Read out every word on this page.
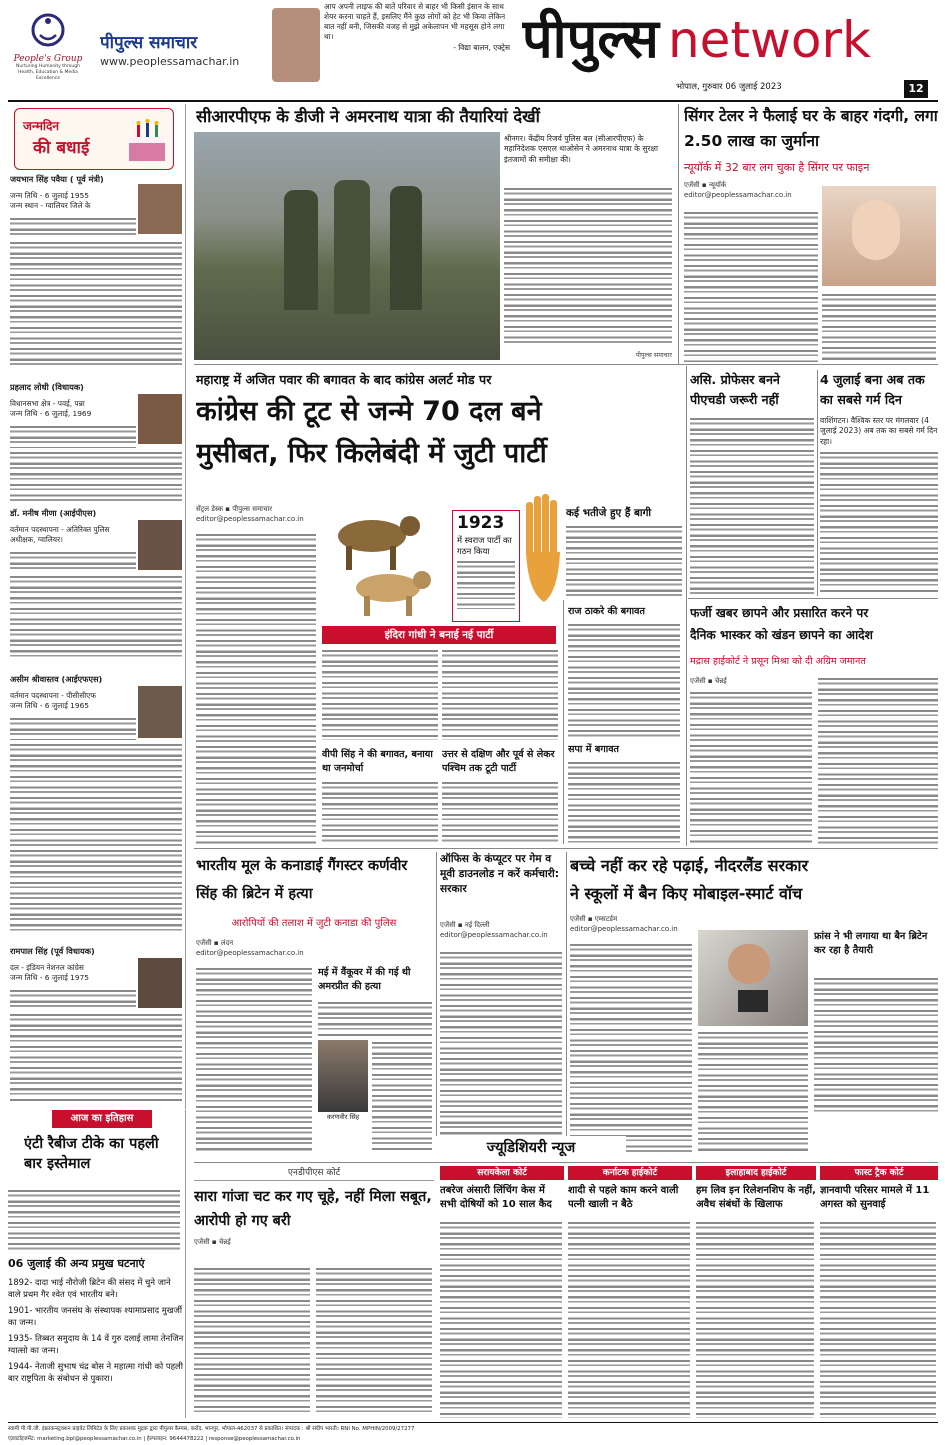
People's Group
Nurturing Humanity through Health, Education & Media Excellence
पीपुल्स समाचार
www.peoplessamachar.in
आप अपनी लाइफ की बातें परिवार से बाहर भी किसी इंसान के साथ शेयर करना चाहते हैं, इसलिए मैंने कुछ लोगों को हेट भी किया लेकिन बात नहीं बनी, जिसकी वजह से मुझे अकेलापन भी महसूस होने लगा था।
- विद्या बालन, एक्ट्रेस पीपुल्स network
भोपाल, गुरुवार 06 जुलाई 2023	12
जन्मदिन
की बधाई
जयभान सिंह पवैया ( पूर्व मंत्री)
जन्म तिथि - 6 जुलाई 1955
जन्म स्थान - ग्वालियर जिले के
प्रहलाद लोधी (विधायक)
विधानसभा क्षेत्र - पवई, पन्ना
जन्म तिथि - 6 जुलाई, 1969
डॉ. मनीष मीणा (आईपीएस)
वर्तमान पदस्थापना - अतिरिक्त पुलिस
अधीक्षक, ग्वालियर।
असीम श्रीवास्तव (आईएफएस)
वर्तमान पदस्थापना - पीसीसीएफ
जन्म तिथि - 6 जुलाई 1965
रामपाल सिंह (पूर्व विधायक)
दल - इंडियन नेशनल कांग्रेस
जन्म तिथि - 6 जुलाई 1975
आज का इतिहास
एंटी रैबीज टीके का पहली बार इस्तेमाल
06 जुलाई की अन्य प्रमुख घटनाएं
1892- दादा भाई नौरोजी ब्रिटेन की संसद में चुने जाने वाले प्रथम गैर श्वेत एवं भारतीय बने।
1901- भारतीय जनसंघ के संस्थापक श्यामाप्रसाद मुखर्जी का जन्म।
1935- तिब्बत समुदाय के 14 वें गुरु दलाई लामा तेनजिन ग्यात्सो का जन्म।
1944- नेताजी सुभाष चंद्र बोस ने महात्मा गांधी को पहली बार राष्ट्रपिता के संबोधन से पुकारा।
सीआरपीएफ के डीजी ने अमरनाथ यात्रा की तैयारियां देखीं
श्रीनगर। केंद्रीय रिजर्व पुलिस बल (सीआरपीएफ) के महानिदेशक एसएल थाओसेन ने अमरनाथ यात्रा के सुरक्षा इंतजामों की समीक्षा की।
पीपुल्स समाचार
सिंगर टेलर ने फैलाई घर के बाहर गंदगी, लगा 2.50 लाख का जुर्माना
न्यूयॉर्क में 32 बार लग चुका है सिंगर पर फाइन
एजेंसी ▪ न्यूयॉर्क
editor@peoplessamachar.co.in
महाराष्ट्र में अजित पवार की बगावत के बाद कांग्रेस अलर्ट मोड पर
कांग्रेस की टूट से जन्मे 70 दल बने
मुसीबत, फिर किलेबंदी में जुटी पार्टी
सेंट्रल डेस्क ▪ पीपुल्स समाचार
editor@peoplessamachar.co.in	1923
में स्वराज पार्टी का गठन किया
कई भतीजे हुए हैं बागी
इंदिरा गांधी ने बनाई नई पार्टी
वीपी सिंह ने की बगावत, बनाया था जनमोर्चा
उत्तर से दक्षिण और पूर्व से लेकर पश्चिम तक टूटी पार्टी
राज ठाकरे की बगावत
सपा में बगावत
असि. प्रोफेसर बनने पीएचडी जरूरी नहीं
4 जुलाई बना अब तक का सबसे गर्म दिन
वाशिंगटन। वैश्विक स्तर पर मंगलवार (4 जुलाई 2023) अब तक का सबसे गर्म दिन रहा।
फर्जी खबर छापने और प्रसारित करने पर
दैनिक भास्कर को खंडन छापने का आदेश
मद्रास हाईकोर्ट ने प्रसून मिश्रा को दी अग्रिम जमानत
एजेंसी ▪ चेन्नई
भारतीय मूल के कनाडाई गैंगस्टर कर्णवीर सिंह की ब्रिटेन में हत्या
आरोपियों की तलाश में जुटी कनाडा की पुलिस
एजेंसी ▪ लंदन
editor@peoplessamachar.co.in
मई में वैंकूवर में की गई थी अमरप्रीत की हत्या
करणवीर सिंह
ऑफिस के कंप्यूटर पर गेम व मूवी डाउनलोड न करें कर्मचारी: सरकार
एजेंसी ▪ नई दिल्ली
editor@peoplessamachar.co.in
बच्चे नहीं कर रहे पढ़ाई, नीदरलैंड सरकार
ने स्कूलों में बैन किए मोबाइल-स्मार्ट वॉच
एजेंसी ▪ एम्सटर्डम
editor@peoplessamachar.co.in
फ्रांस ने भी लगाया था बैन ब्रिटेन कर रहा है तैयारी
ज्यूडिशियरी न्यूज
एनडीपीएस कोर्ट
सारा गांजा चट कर गए चूहे, नहीं मिला सबूत, आरोपी हो गए बरी
एजेंसी ▪ चेन्नई
सरायकेला कोर्ट
तबरेज अंसारी लिंचिंग केस में सभी दोषियों को 10 साल कैद
कर्नाटक हाईकोर्ट
शादी से पहले काम करने वाली पत्नी खाली न बैठे
इलाहाबाद हाईकोर्ट
हम लिव इन रिलेशनशिप के नहीं, अवैध संबंधों के खिलाफ
फास्ट ट्रैक कोर्ट
ज्ञानवापी परिसर मामले में 11 अगस्त को सुनवाई
स्वामी पी.पी.जी. इंफ्राकन्स्ट्रक्शन प्राइवेट लिमिटेड के लिए प्रकाशक मुद्रक द्वारा पीपुल्स कैम्पस, करोंद, भानपुर, भोपाल-462037 से प्रकाशित। संपादक : श्री संदीप भारती। RNI No. MPHIN/2009/27277
एडवर्टाइजमेंट: marketing.bpl@peoplessamachar.co.in | हेल्पलाइन: 9644478222 | response@peoplessamachar.co.in
